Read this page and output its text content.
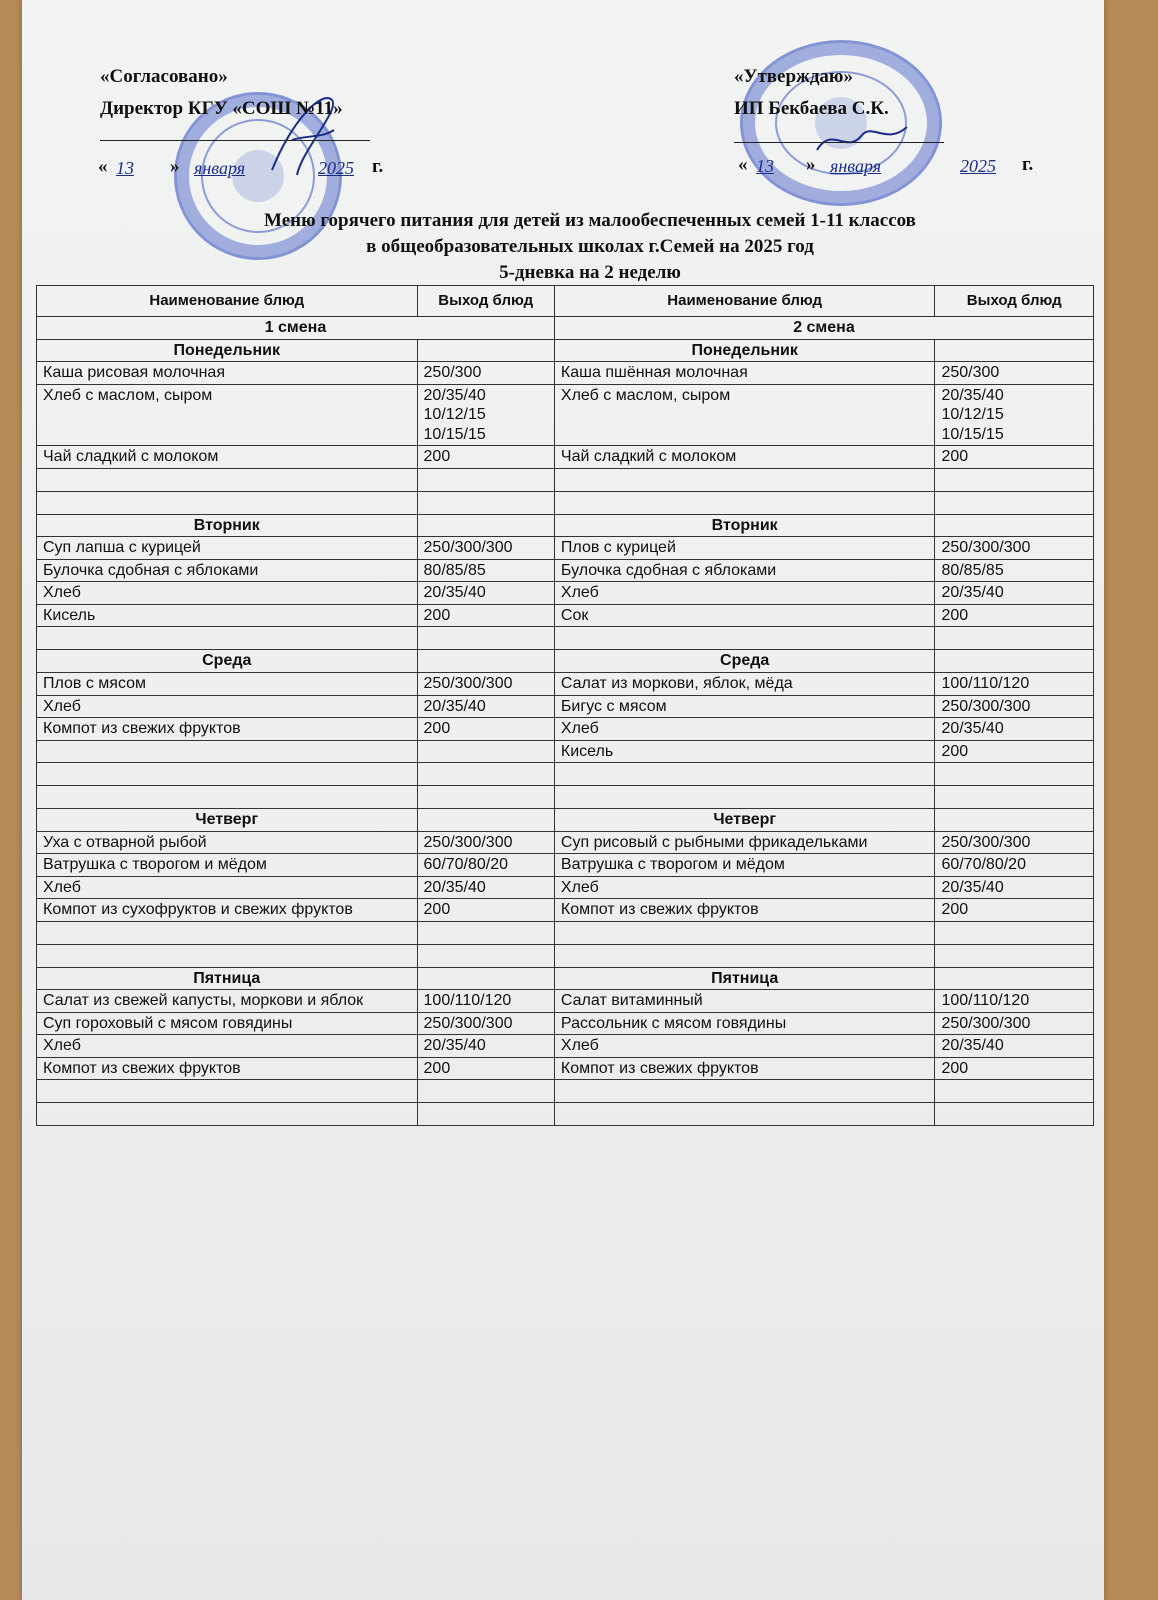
«Согласовано»
Директор КГУ «СОШ №11»
« 13 » января	2025 г.
«Утверждаю»
ИП Бекбаева С.К.
« 13 » января	2025 г.
Меню горячего питания для детей из малообеспеченных семей 1-11 классов
в общеобразовательных школах г.Семей на 2025 год
5-дневка на 2 неделю
Наименование блюд	Выход блюд	Наименование блюд	Выход блюд
1 смена		2 смена	
Понедельник		Понедельник	
Каша рисовая молочная	250/300	Каша пшённая молочная	250/300
Хлеб с маслом, сыром	20/35/40
10/12/15
10/15/15	Хлеб с маслом, сыром	20/35/40
10/12/15
10/15/15
Чай сладкий с молоком	200	Чай сладкий с молоком	200

Вторник		Вторник	
Суп лапша с курицей	250/300/300	Плов с курицей	250/300/300
Булочка сдобная с яблоками	80/85/85	Булочка сдобная с яблоками	80/85/85
Хлеб	20/35/40	Хлеб	20/35/40
Кисель	200	Сок	200

Среда		Среда	
Плов с мясом	250/300/300	Салат из моркови, яблок, мёда	100/110/120
Хлеб	20/35/40	Бигус с мясом	250/300/300
Компот из свежих фруктов	200	Хлеб	20/35/40
		Кисель	200

Четверг		Четверг	
Уха с отварной рыбой	250/300/300	Суп рисовый с рыбными фрикадельками	250/300/300
Ватрушка с творогом и мёдом	60/70/80/20	Ватрушка с творогом и мёдом	60/70/80/20
Хлеб	20/35/40	Хлеб	20/35/40
Компот из сухофруктов и свежих фруктов	200	Компот из свежих фруктов	200

Пятница		Пятница	
Салат из свежей капусты, моркови и яблок	100/110/120	Салат витаминный	100/110/120
Суп гороховый с мясом говядины	250/300/300	Рассольник с мясом говядины	250/300/300
Хлеб	20/35/40	Хлеб	20/35/40
Компот из свежих фруктов	200	Компот из свежих фруктов	200
